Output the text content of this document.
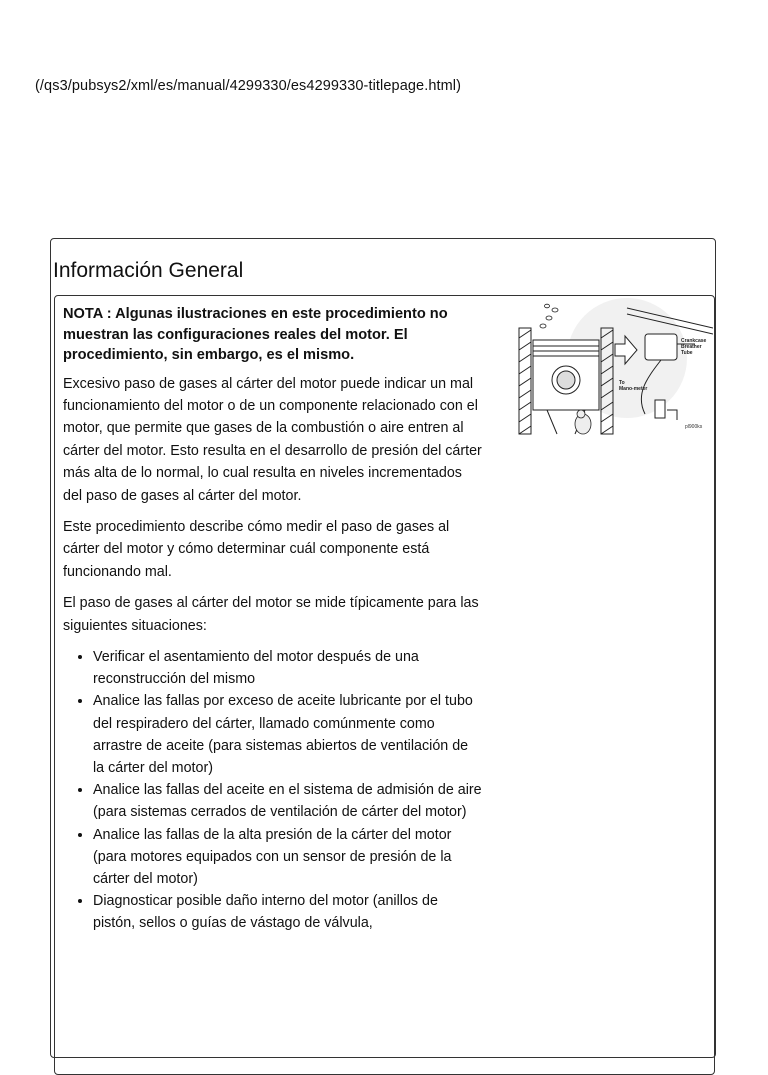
(/qs3/pubsys2/xml/es/manual/4299330/es4299330-titlepage.html)
Información General

NOTA : Algunas ilustraciones en este procedimiento no muestran las configuraciones reales del motor. El procedimiento, sin embargo, es el mismo.

Excesivo paso de gases al cárter del motor puede indicar un mal funcionamiento del motor o de un componente relacionado con el motor, que permite que gases de la combustión o aire entren al cárter del motor. Esto resulta en el desarrollo de presión del cárter más alta de lo normal, lo cual resulta en niveles incrementados del paso de gases al cárter del motor.

Este procedimiento describe cómo medir el paso de gases al cárter del motor y cómo determinar cuál componente está funcionando mal.

El paso de gases al cárter del motor se mide típicamente para las siguientes situaciones:

• Verificar el asentamiento del motor después de una reconstrucción del mismo
• Analice las fallas por exceso de aceite lubricante por el tubo del respiradero del cárter, llamado comúnmente como arrastre de aceite (para sistemas abiertos de ventilación de la cárter del motor)
• Analice las fallas del aceite en el sistema de admisión de aire (para sistemas cerrados de ventilación de cárter del motor)
• Analice las fallas de la alta presión de la cárter del motor (para motores equipados con un sensor de presión de la cárter del motor)
• Diagnosticar posible daño interno del motor (anillos de pistón, sellos o guías de vástago de válvula,
Crankcase
Breather
Tube
To
Mano-meter
pl900ks
